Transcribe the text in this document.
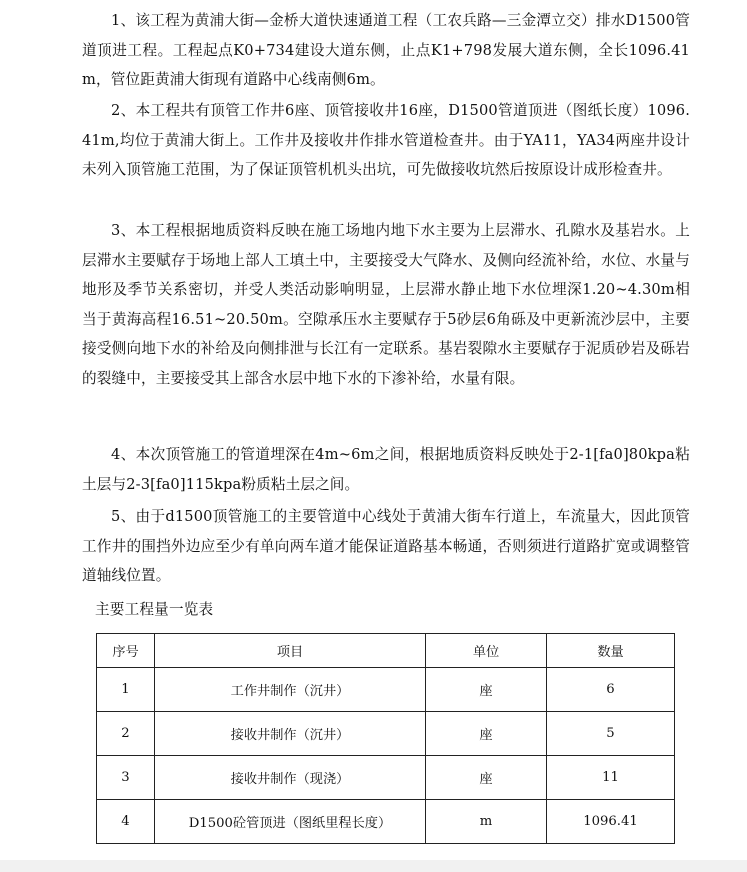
1、该工程为黄浦大街—金桥大道快速通道工程（工农兵路—三金潭立交）排水D1500管道顶进工程。工程起点K0+734建设大道东侧，止点K1+798发展大道东侧，全长1096.41m，管位距黄浦大街现有道路中心线南侧6m。

2、本工程共有顶管工作井6座、顶管接收井16座，D1500管道顶进（图纸长度）1096.41m,均位于黄浦大街上。工作井及接收井作排水管道检查井。由于YA11，YA34两座井设计未列入顶管施工范围，为了保证顶管机机头出坑，可先做接收坑然后按原设计成形检查井。

3、本工程根据地质资料反映在施工场地内地下水主要为上层滞水、孔隙水及基岩水。上层滞水主要赋存于场地上部人工填土中，主要接受大气降水、及侧向经流补给，水位、水量与地形及季节关系密切，并受人类活动影响明显，上层滞水静止地下水位埋深1.20~4.30m相当于黄海高程16.51~20.50m。空隙承压水主要赋存于5砂层6角砾及中更新流沙层中，主要接受侧向地下水的补给及向侧排泄与长江有一定联系。基岩裂隙水主要赋存于泥质砂岩及砾岩的裂缝中，主要接受其上部含水层中地下水的下渗补给，水量有限。

4、本次顶管施工的管道埋深在4m~6m之间，根据地质资料反映处于2-1[fa0]80kpa粘土层与2-3[fa0]115kpa粉质粘土层之间。

5、由于d1500顶管施工的主要管道中心线处于黄浦大街车行道上，车流量大，因此顶管工作井的围挡外边应至少有单向两车道才能保证道路基本畅通，否则须进行道路扩宽或调整管道轴线位置。

主要工程量一览表

序号	项目	单位	数量
1	工作井制作（沉井）	座	6
2	接收井制作（沉井）	座	5
3	接收井制作（现浇）	座	11
4	D1500砼管顶进（图纸里程长度）	m	1096.41
